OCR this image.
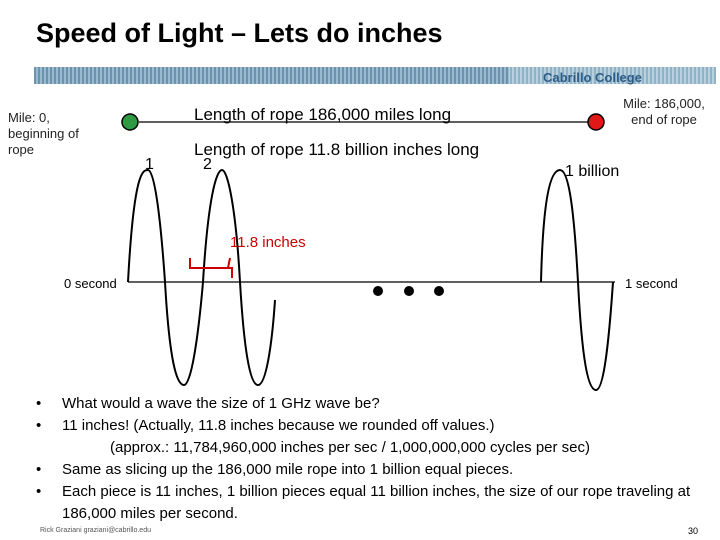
Speed of Light – Lets do inches
Cabrillo College
Mile: 0, beginning of rope
Mile: 186,000, end of rope
Length of rope 186,000 miles long
Length of rope 11.8 billion inches long
1	2	1 billion
11.8 inches
0 second	1 second
• What would a wave the size of 1 GHz wave be?
• 11 inches! (Actually, 11.8 inches because we rounded off values.)
(approx.: 11,784,960,000 inches per sec / 1,000,000,000 cycles per sec)
• Same as slicing up the 186,000 mile rope into 1 billion equal pieces.
• Each piece is 11 inches, 1 billion pieces equal 11 billion inches, the size of our rope traveling at 186,000 miles per second.
Rick Graziani graziani@cabrillo.edu	30
